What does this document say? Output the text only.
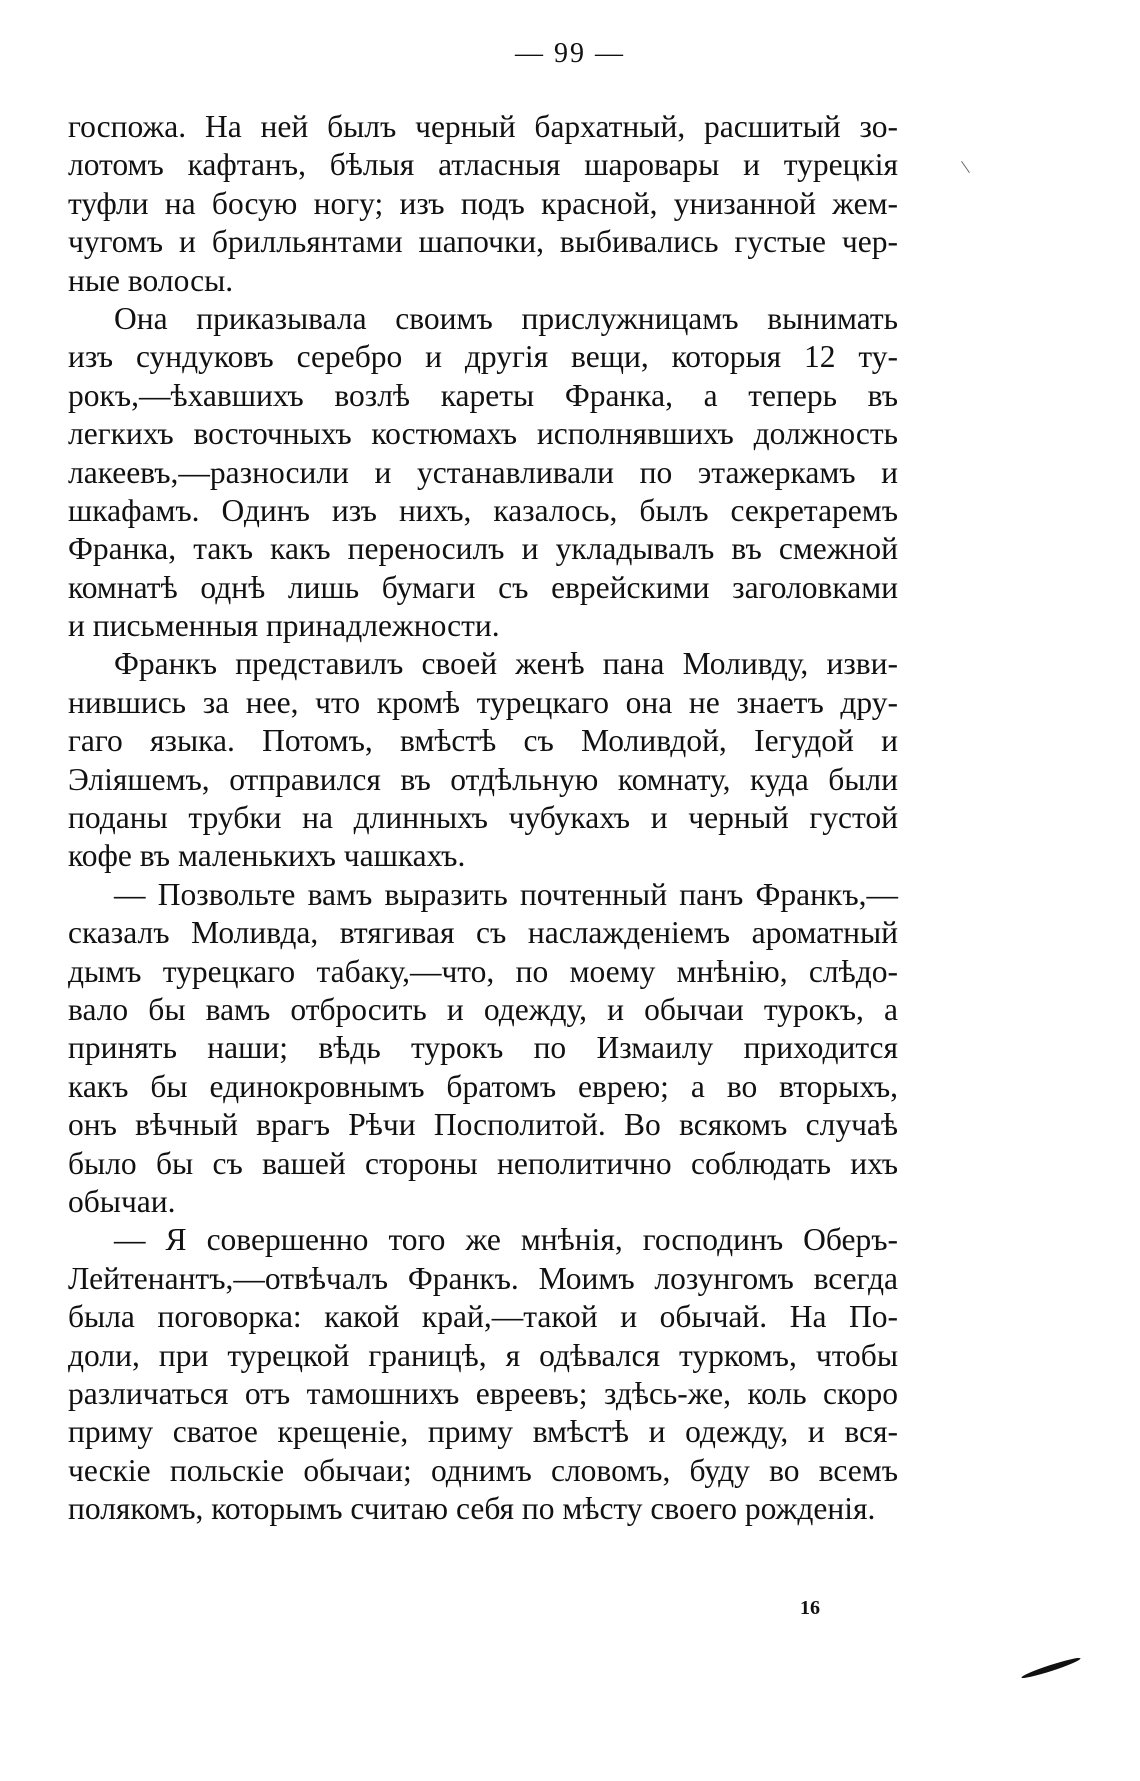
— 99 —
госпожа. На ней былъ черный бархатный, расшитый зо-
лотомъ кафтанъ, бѣлыя атласныя шаровары и турецкія
туфли на босую ногу; изъ подъ красной, унизанной жем-
чугомъ и брилльянтами шапочки, выбивались густые чер-
ные волосы.
Она приказывала своимъ прислужницамъ вынимать
изъ сундуковъ серебро и другія вещи, которыя 12 ту-
рокъ,—ѣхавшихъ возлѣ кареты Франка, а теперь въ
легкихъ восточныхъ костюмахъ исполнявшихъ должность
лакеевъ,—разносили и устанавливали по этажеркамъ и
шкафамъ. Одинъ изъ нихъ, казалось, былъ секретаремъ
Франка, такъ какъ переносилъ и укладывалъ въ смежной
комнатѣ однѣ лишь бумаги съ еврейскими заголовками
и письменныя принадлежности.
Франкъ представилъ своей женѣ пана Моливду, изви-
нившись за нее, что кромѣ турецкаго она не знаетъ дру-
гаго языка. Потомъ, вмѣстѣ съ Моливдой, Іегудой и
Эліяшемъ, отправился въ отдѣльную комнату, куда были
поданы трубки на длинныхъ чубукахъ и черный густой
кофе въ маленькихъ чашкахъ.
— Позвольте вамъ выразить почтенный панъ Франкъ,—
сказалъ Моливда, втягивая съ наслажденіемъ ароматный
дымъ турецкаго табаку,—что, по моему мнѣнію, слѣдо-
вало бы вамъ отбросить и одежду, и обычаи турокъ, а
принять наши; вѣдь турокъ по Измаилу приходится
какъ бы единокровнымъ братомъ еврею; а во вторыхъ,
онъ вѣчный врагъ Рѣчи Посполитой. Во всякомъ случаѣ
было бы съ вашей стороны неполитично соблюдать ихъ
обычаи.
— Я совершенно того же мнѣнія, господинъ Оберъ-
Лейтенантъ,—отвѣчалъ Франкъ. Моимъ лозунгомъ всегда
была поговорка: какой край,—такой и обычай. На По-
доли, при турецкой границѣ, я одѣвался туркомъ, чтобы
различаться отъ тамошнихъ евреевъ; здѣсь-же, коль скоро
приму сватое крещеніе, приму вмѣстѣ и одежду, и вся-
ческіе польскіе обычаи; однимъ словомъ, буду во всемъ
полякомъ, которымъ считаю себя по мѣсту своего рожденія.
16
